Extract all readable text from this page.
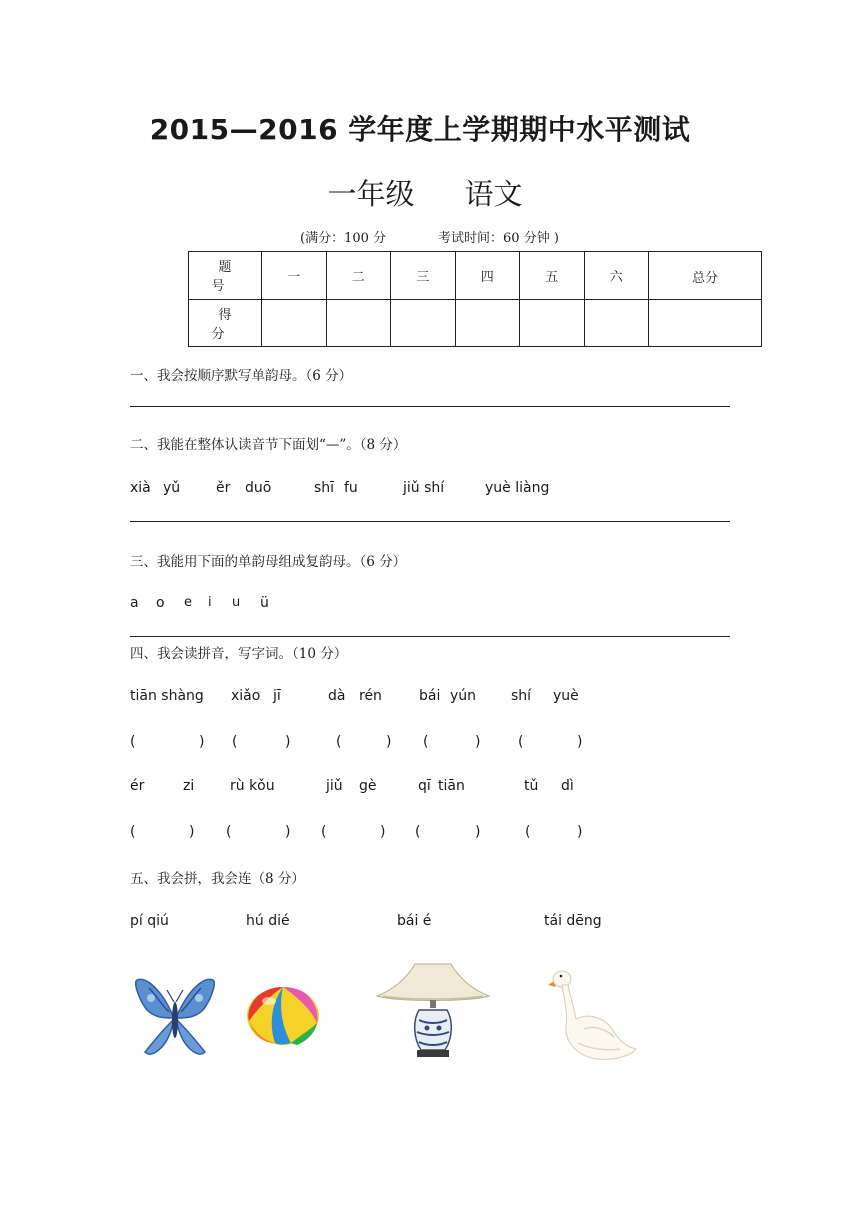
2015—2016 学年度上学期期中水平测试
一年级 语文
(满分：100 分	考试时间：60 分钟 )
题 号	一	二	三	四	五	六	总分
得 分							
一、我会按顺序默写单韵母。（6 分）
二、我能在整体认读音节下面划“—”。（8 分）
xià yǔ	ěr duō	shī fu	jiǔ shí	yuè liàng
三、我能用下面的单韵母组成复韵母。（6 分）
a o e i u ü
四、我会读拼音，写字词。（10 分）
tiān shàng xiǎo jī	dà rén	bái yún shí yuè
(	) (	)	(	) (	)	(	)
ér	zi	rù kǒu	jiǔ gè	qī tiān	tǔ dì
(	) (	) (	) (	)	(	)
五、我会拼，我会连（8 分）
pí qiú	hú dié	bái é	tái dēng
